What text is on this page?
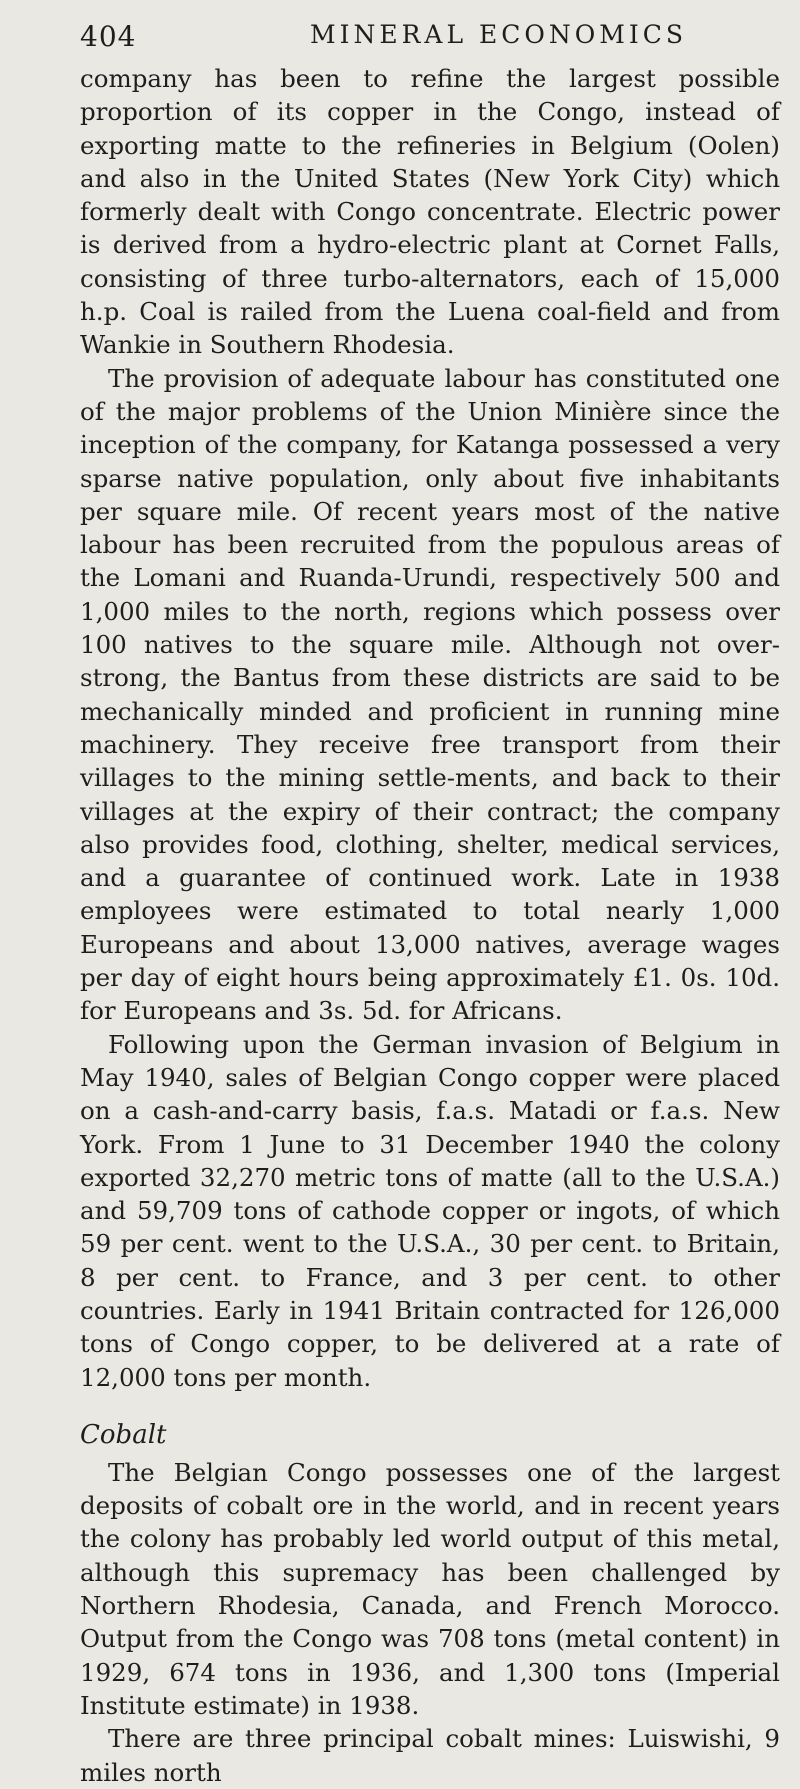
404	MINERAL ECONOMICS

company has been to refine the largest possible proportion of its copper in the Congo, instead of exporting matte to the refineries in Belgium (Oolen) and also in the United States (New York City) which formerly dealt with Congo concentrate. Electric power is derived from a hydro-electric plant at Cornet Falls, consisting of three turbo-alternators, each of 15,000 h.p. Coal is railed from the Luena coal-field and from Wankie in Southern Rhodesia.

The provision of adequate labour has constituted one of the major problems of the Union Minière since the inception of the company, for Katanga possessed a very sparse native population, only about five inhabitants per square mile. Of recent years most of the native labour has been recruited from the populous areas of the Lomani and Ruanda-Urundi, respectively 500 and 1,000 miles to the north, regions which possess over 100 natives to the square mile. Although not over-strong, the Bantus from these districts are said to be mechanically minded and proficient in running mine machinery. They receive free transport from their villages to the mining settle-ments, and back to their villages at the expiry of their contract; the company also provides food, clothing, shelter, medical services, and a guarantee of continued work. Late in 1938 employees were estimated to total nearly 1,000 Europeans and about 13,000 natives, average wages per day of eight hours being approximately £1. 0s. 10d. for Europeans and 3s. 5d. for Africans.

Following upon the German invasion of Belgium in May 1940, sales of Belgian Congo copper were placed on a cash-and-carry basis, f.a.s. Matadi or f.a.s. New York. From 1 June to 31 December 1940 the colony exported 32,270 metric tons of matte (all to the U.S.A.) and 59,709 tons of cathode copper or ingots, of which 59 per cent. went to the U.S.A., 30 per cent. to Britain, 8 per cent. to France, and 3 per cent. to other countries. Early in 1941 Britain contracted for 126,000 tons of Congo copper, to be delivered at a rate of 12,000 tons per month.

Cobalt

The Belgian Congo possesses one of the largest deposits of cobalt ore in the world, and in recent years the colony has probably led world output of this metal, although this supremacy has been challenged by Northern Rhodesia, Canada, and French Morocco. Output from the Congo was 708 tons (metal content) in 1929, 674 tons in 1936, and 1,300 tons (Imperial Institute estimate) in 1938.

There are three principal cobalt mines: Luiswishi, 9 miles north
